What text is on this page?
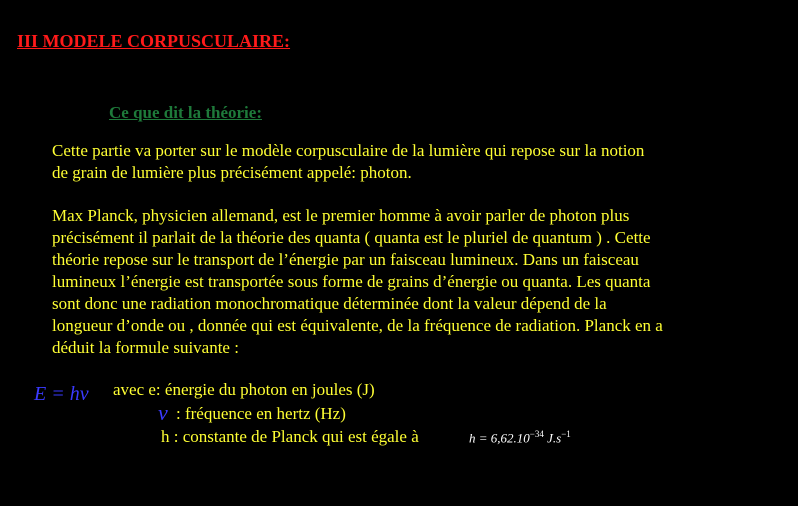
III MODELE CORPUSCULAIRE:
Ce que dit la théorie:
Cette partie va porter sur le modèle corpusculaire de la lumière qui repose sur la notion
de grain de lumière plus précisément appelé: photon.
Max Planck, physicien allemand, est le premier homme à avoir parler de photon plus
précisément il parlait de la théorie des quanta ( quanta est le pluriel de quantum ) . Cette
théorie repose sur le transport de l’énergie par un faisceau lumineux. Dans un faisceau
lumineux l’énergie est transportée sous forme de grains d’énergie ou quanta. Les quanta
sont donc une radiation monochromatique déterminée dont la valeur dépend de la
longueur d’onde ou , donnée qui est équivalente, de la fréquence de radiation. Planck en a
déduit la formule suivante :
E = hν avec e: énergie du photon en joules (J)
ν : fréquence en hertz (Hz)
h : constante de Planck qui est égale à	$h = 6,62.10^{-34}$ $J.s^{-1}$
